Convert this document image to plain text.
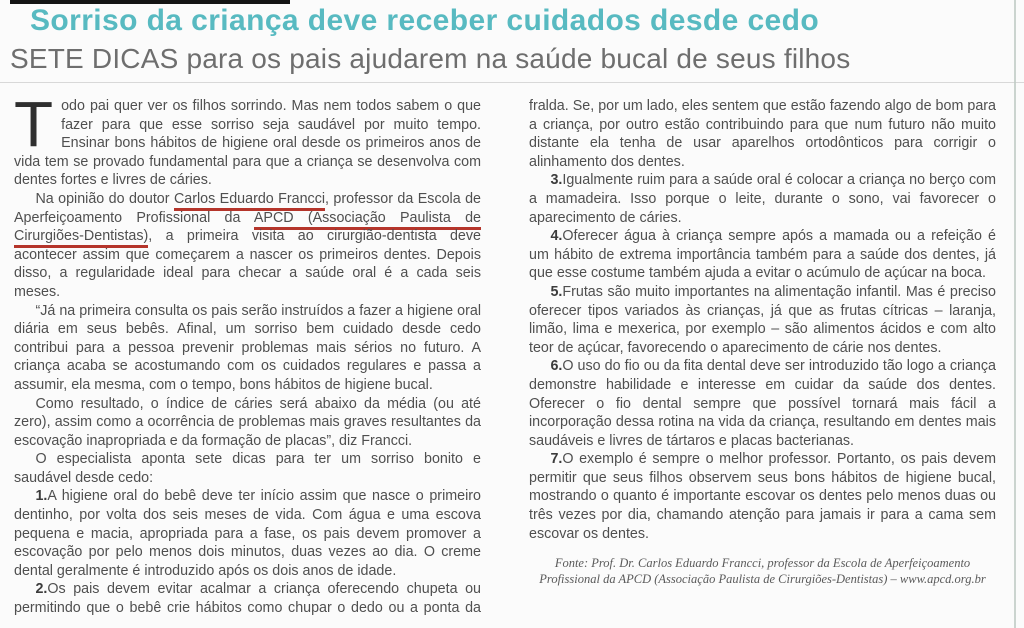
Sorriso da criança deve receber cuidados desde cedo
SETE DICAS para os pais ajudarem na saúde bucal de seus filhos

Todo pai quer ver os filhos sorrindo. Mas nem todos sabem o que fazer para que esse sorriso seja saudável por muito tempo. Ensinar bons hábitos de higiene oral desde os primeiros anos de vida tem se provado fundamental para que a criança se desenvolva com dentes fortes e livres de cáries.

Na opinião do doutor Carlos Eduardo Francci, professor da Escola de Aperfeiçoamento Profissional da APCD (Associação Paulista de Cirurgiões-Dentistas), a primeira visita ao cirurgião-dentista deve acontecer assim que começarem a nascer os primeiros dentes. Depois disso, a regularidade ideal para checar a saúde oral é a cada seis meses.

“Já na primeira consulta os pais serão instruídos a fazer a higiene oral diária em seus bebês. Afinal, um sorriso bem cuidado desde cedo contribui para a pessoa prevenir problemas mais sérios no futuro. A criança acaba se acostumando com os cuidados regulares e passa a assumir, ela mesma, com o tempo, bons hábitos de higiene bucal.

Como resultado, o índice de cáries será abaixo da média (ou até zero), assim como a ocorrência de problemas mais graves resultantes da escovação inapropriada e da formação de placas”, diz Francci.

O especialista aponta sete dicas para ter um sorriso bonito e saudável desde cedo:

1.A higiene oral do bebê deve ter início assim que nasce o primeiro dentinho, por volta dos seis meses de vida. Com água e uma escova pequena e macia, apropriada para a fase, os pais devem promover a escovação por pelo menos dois minutos, duas vezes ao dia. O creme dental geralmente é introduzido após os dois anos de idade.

2.Os pais devem evitar acalmar a criança oferecendo chupeta ou permitindo que o bebê crie hábitos como chupar o dedo ou a ponta da fralda. Se, por um lado, eles sentem que estão fazendo algo de bom para a criança, por outro estão contribuindo para que num futuro não muito distante ela tenha de usar aparelhos ortodônticos para corrigir o alinhamento dos dentes.

3.Igualmente ruim para a saúde oral é colocar a criança no berço com a mamadeira. Isso porque o leite, durante o sono, vai favorecer o aparecimento de cáries.

4.Oferecer água à criança sempre após a mamada ou a refeição é um hábito de extrema importância também para a saúde dos dentes, já que esse costume também ajuda a evitar o acúmulo de açúcar na boca.

5.Frutas são muito importantes na alimentação infantil. Mas é preciso oferecer tipos variados às crianças, já que as frutas cítricas – laranja, limão, lima e mexerica, por exemplo – são alimentos ácidos e com alto teor de açúcar, favorecendo o aparecimento de cárie nos dentes.

6.O uso do fio ou da fita dental deve ser introduzido tão logo a criança demonstre habilidade e interesse em cuidar da saúde dos dentes. Oferecer o fio dental sempre que possível tornará mais fácil a incorporação dessa rotina na vida da criança, resultando em dentes mais saudáveis e livres de tártaros e placas bacterianas.

7.O exemplo é sempre o melhor professor. Portanto, os pais devem permitir que seus filhos observem seus bons hábitos de higiene bucal, mostrando o quanto é importante escovar os dentes pelo menos duas ou três vezes por dia, chamando atenção para jamais ir para a cama sem escovar os dentes.

Fonte: Prof. Dr. Carlos Eduardo Francci, professor da Escola de Aperfeiçoamento Profissional da APCD (Associação Paulista de Cirurgiões-Dentistas) – www.apcd.org.br
